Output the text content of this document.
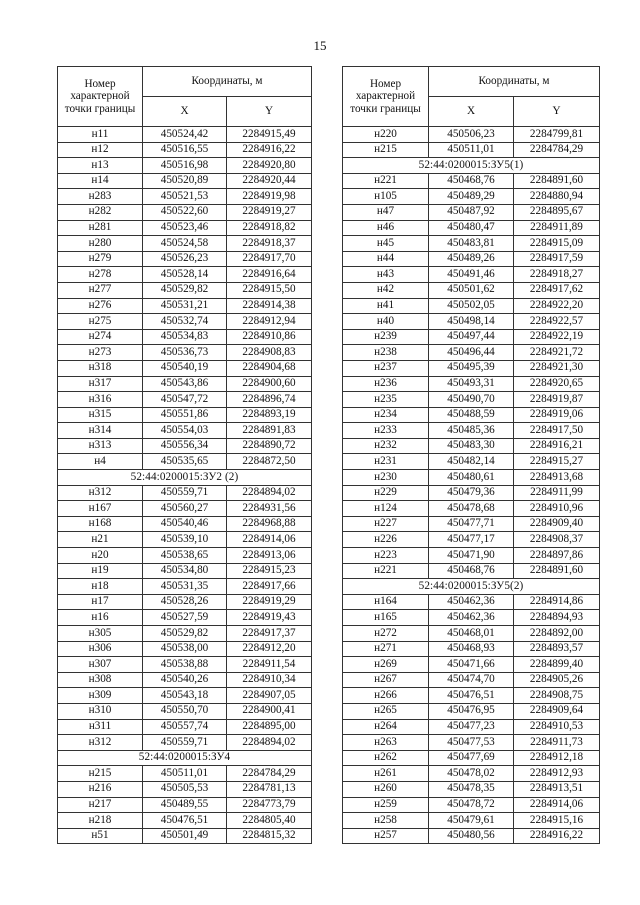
15
Номер характерной точки границы	Координаты, м	
	X	Y
н11	450524,42	2284915,49
н12	450516,55	2284916,22
н13	450516,98	2284920,80
н14	450520,89	2284920,44
н283	450521,53	2284919,98
н282	450522,60	2284919,27
н281	450523,46	2284918,82
н280	450524,58	2284918,37
н279	450526,23	2284917,70
н278	450528,14	2284916,64
н277	450529,82	2284915,50
н276	450531,21	2284914,38
н275	450532,74	2284912,94
н274	450534,83	2284910,86
н273	450536,73	2284908,83
н318	450540,19	2284904,68
н317	450543,86	2284900,60
н316	450547,72	2284896,74
н315	450551,86	2284893,19
н314	450554,03	2284891,83
н313	450556,34	2284890,72
н4	450535,65	2284872,50
52:44:0200015:ЗУ2 (2)		
н312	450559,71	2284894,02
н167	450560,27	2284931,56
н168	450540,46	2284968,88
н21	450539,10	2284914,06
н20	450538,65	2284913,06
н19	450534,80	2284915,23
н18	450531,35	2284917,66
н17	450528,26	2284919,29
н16	450527,59	2284919,43
н305	450529,82	2284917,37
н306	450538,00	2284912,20
н307	450538,88	2284911,54
н308	450540,26	2284910,34
н309	450543,18	2284907,05
н310	450550,70	2284900,41
н311	450557,74	2284895,00
н312	450559,71	2284894,02
52:44:0200015:ЗУ4		
н215	450511,01	2284784,29
н216	450505,53	2284781,13
н217	450489,55	2284773,79
н218	450476,51	2284805,40
н51	450501,49	2284815,32
Номер характерной точки границы	Координаты, м	
	X	Y
н220	450506,23	2284799,81
н215	450511,01	2284784,29
52:44:0200015:ЗУ5(1)		
н221	450468,76	2284891,60
н105	450489,29	2284880,94
н47	450487,92	2284895,67
н46	450480,47	2284911,89
н45	450483,81	2284915,09
н44	450489,26	2284917,59
н43	450491,46	2284918,27
н42	450501,62	2284917,62
н41	450502,05	2284922,20
н40	450498,14	2284922,57
н239	450497,44	2284922,19
н238	450496,44	2284921,72
н237	450495,39	2284921,30
н236	450493,31	2284920,65
н235	450490,70	2284919,87
н234	450488,59	2284919,06
н233	450485,36	2284917,50
н232	450483,30	2284916,21
н231	450482,14	2284915,27
н230	450480,61	2284913,68
н229	450479,36	2284911,99
н124	450478,68	2284910,96
н227	450477,71	2284909,40
н226	450477,17	2284908,37
н223	450471,90	2284897,86
н221	450468,76	2284891,60
52:44:0200015:ЗУ5(2)		
н164	450462,36	2284914,86
н165	450462,36	2284894,93
н272	450468,01	2284892,00
н271	450468,93	2284893,57
н269	450471,66	2284899,40
н267	450474,70	2284905,26
н266	450476,51	2284908,75
н265	450476,95	2284909,64
н264	450477,23	2284910,53
н263	450477,53	2284911,73
н262	450477,69	2284912,18
н261	450478,02	2284912,93
н260	450478,35	2284913,51
н259	450478,72	2284914,06
н258	450479,61	2284915,16
н257	450480,56	2284916,22
